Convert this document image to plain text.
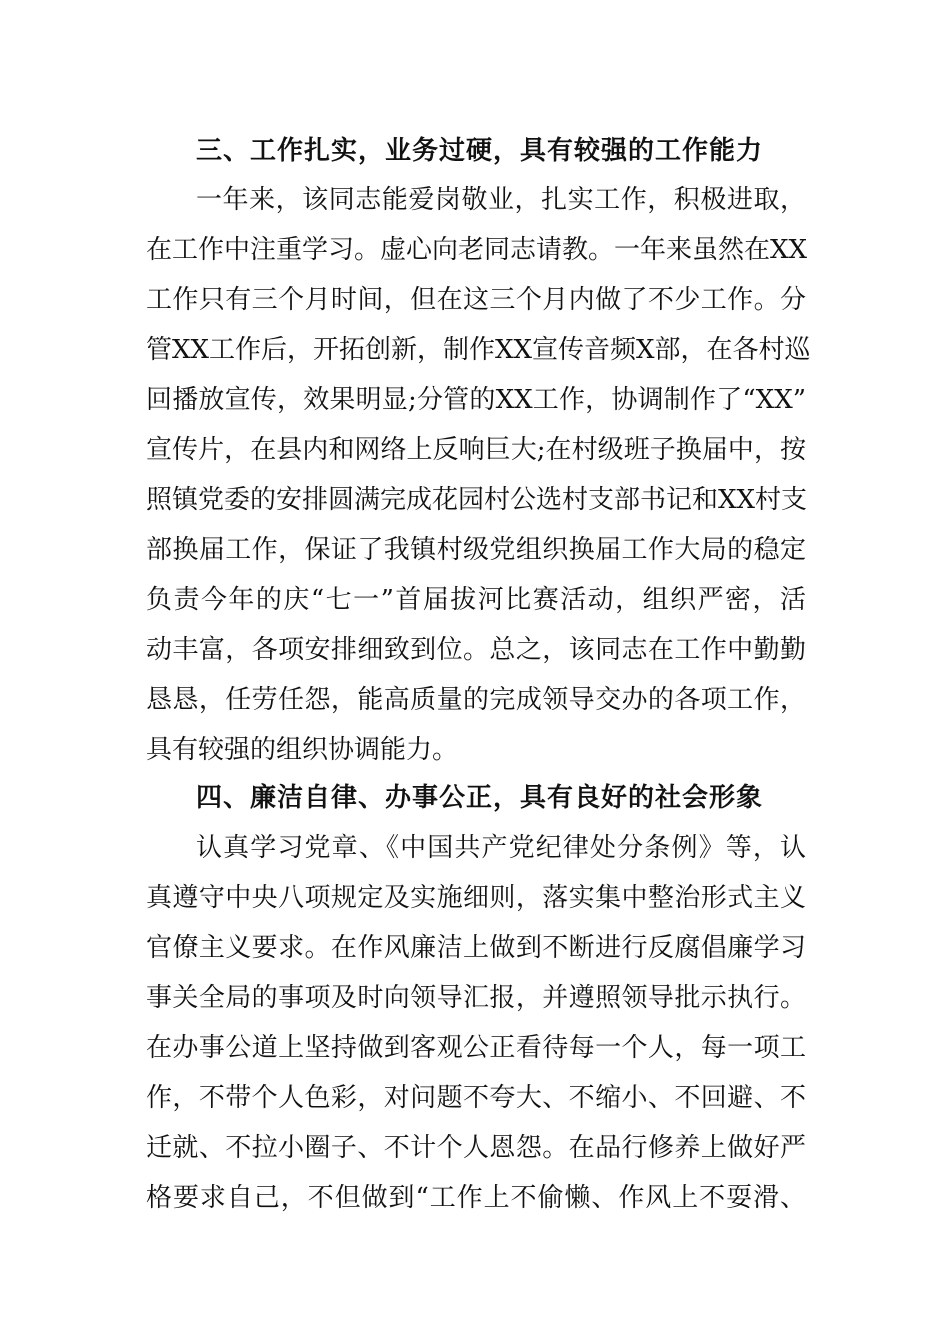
三、工作扎实，业务过硬，具有较强的工作能力
一年来，该同志能爱岗敬业，扎实工作，积极进取，
在工作中注重学习。虚心向老同志请教。一年来虽然在XX
工作只有三个月时间，但在这三个月内做了不少工作。分
管XX工作后，开拓创新，制作XX宣传音频X部，在各村巡
回播放宣传，效果明显;分管的XX工作，协调制作了“XX”
宣传片，在县内和网络上反响巨大;在村级班子换届中，按
照镇党委的安排圆满完成花园村公选村支部书记和XX村支
部换届工作，保证了我镇村级党组织换届工作大局的稳定
负责今年的庆“七一”首届拔河比赛活动，组织严密，活
动丰富，各项安排细致到位。总之，该同志在工作中勤勤
恳恳，任劳任怨，能高质量的完成领导交办的各项工作，
具有较强的组织协调能力。
四、廉洁自律、办事公正，具有良好的社会形象
认真学习党章、《中国共产党纪律处分条例》等，认
真遵守中央八项规定及实施细则，落实集中整治形式主义
官僚主义要求。在作风廉洁上做到不断进行反腐倡廉学习
事关全局的事项及时向领导汇报，并遵照领导批示执行。
在办事公道上坚持做到客观公正看待每一个人，每一项工
作，不带个人色彩，对问题不夸大、不缩小、不回避、不
迁就、不拉小圈子、不计个人恩怨。在品行修养上做好严
格要求自己，不但做到“工作上不偷懒、作风上不耍滑、
